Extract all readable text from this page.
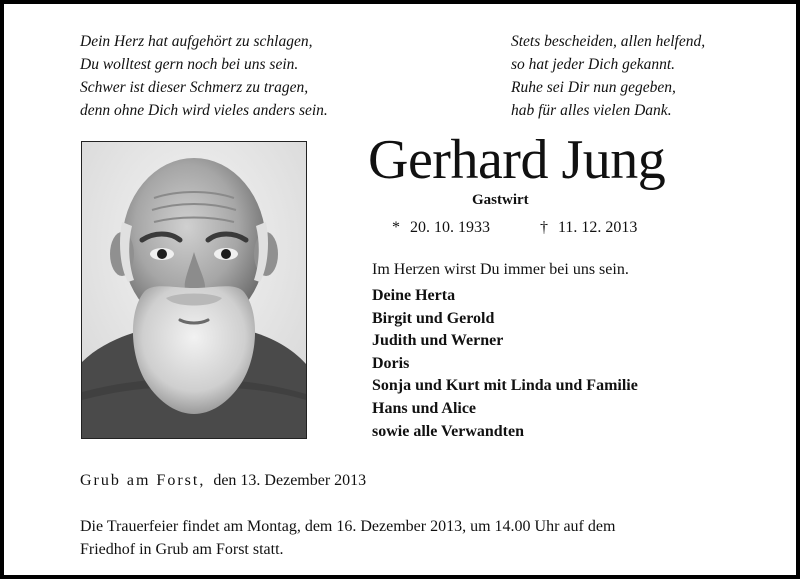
Dein Herz hat aufgehört zu schlagen,
Du wolltest gern noch bei uns sein.
Schwer ist dieser Schmerz zu tragen,
denn ohne Dich wird vieles anders sein.
Stets bescheiden, allen helfend,
so hat jeder Dich gekannt.
Ruhe sei Dir nun gegeben,
hab für alles vielen Dank.
Gerhard Jung
Gastwirt
* 20. 10. 1933	† 11. 12. 2013
Im Herzen wirst Du immer bei uns sein.
Deine Herta
Birgit und Gerold
Judith und Werner
Doris
Sonja und Kurt mit Linda und Familie
Hans und Alice
sowie alle Verwandten
Grub am Forst, den 13. Dezember 2013
Die Trauerfeier findet am Montag, dem 16. Dezember 2013, um 14.00 Uhr auf dem
Friedhof in Grub am Forst statt.
